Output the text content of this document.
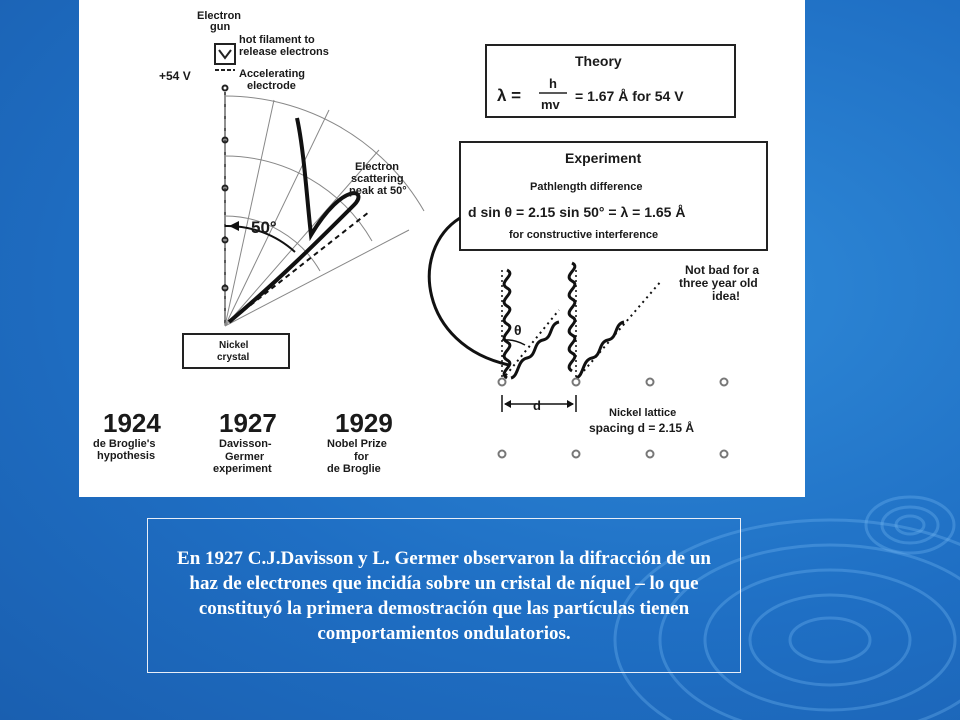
Electron
gun
hot filament to
release electrons
+54 V	Accelerating
electrode
50°
Electron
scattering
peak at 50°
Nickel
crystal
Theory
λ =
h
mv
= 1.67 Å for 54 V
Experiment
Pathlength difference
d sin θ = 2.15 sin 50° = λ = 1.65 Å
for constructive interference
θ
Not bad for a
three year old
idea!
d	Nickel lattice
spacing d = 2.15 Å
1924
de Broglie's
hypothesis
1927
Davisson-
Germer
experiment
1929
Nobel Prize
for
de Broglie

En 1927 C.J.Davisson y L. Germer observaron la difracción de un haz de electrones que incidía sobre un cristal de níquel – lo que constituyó la primera demostración que las partículas tienen comportamientos ondulatorios.
